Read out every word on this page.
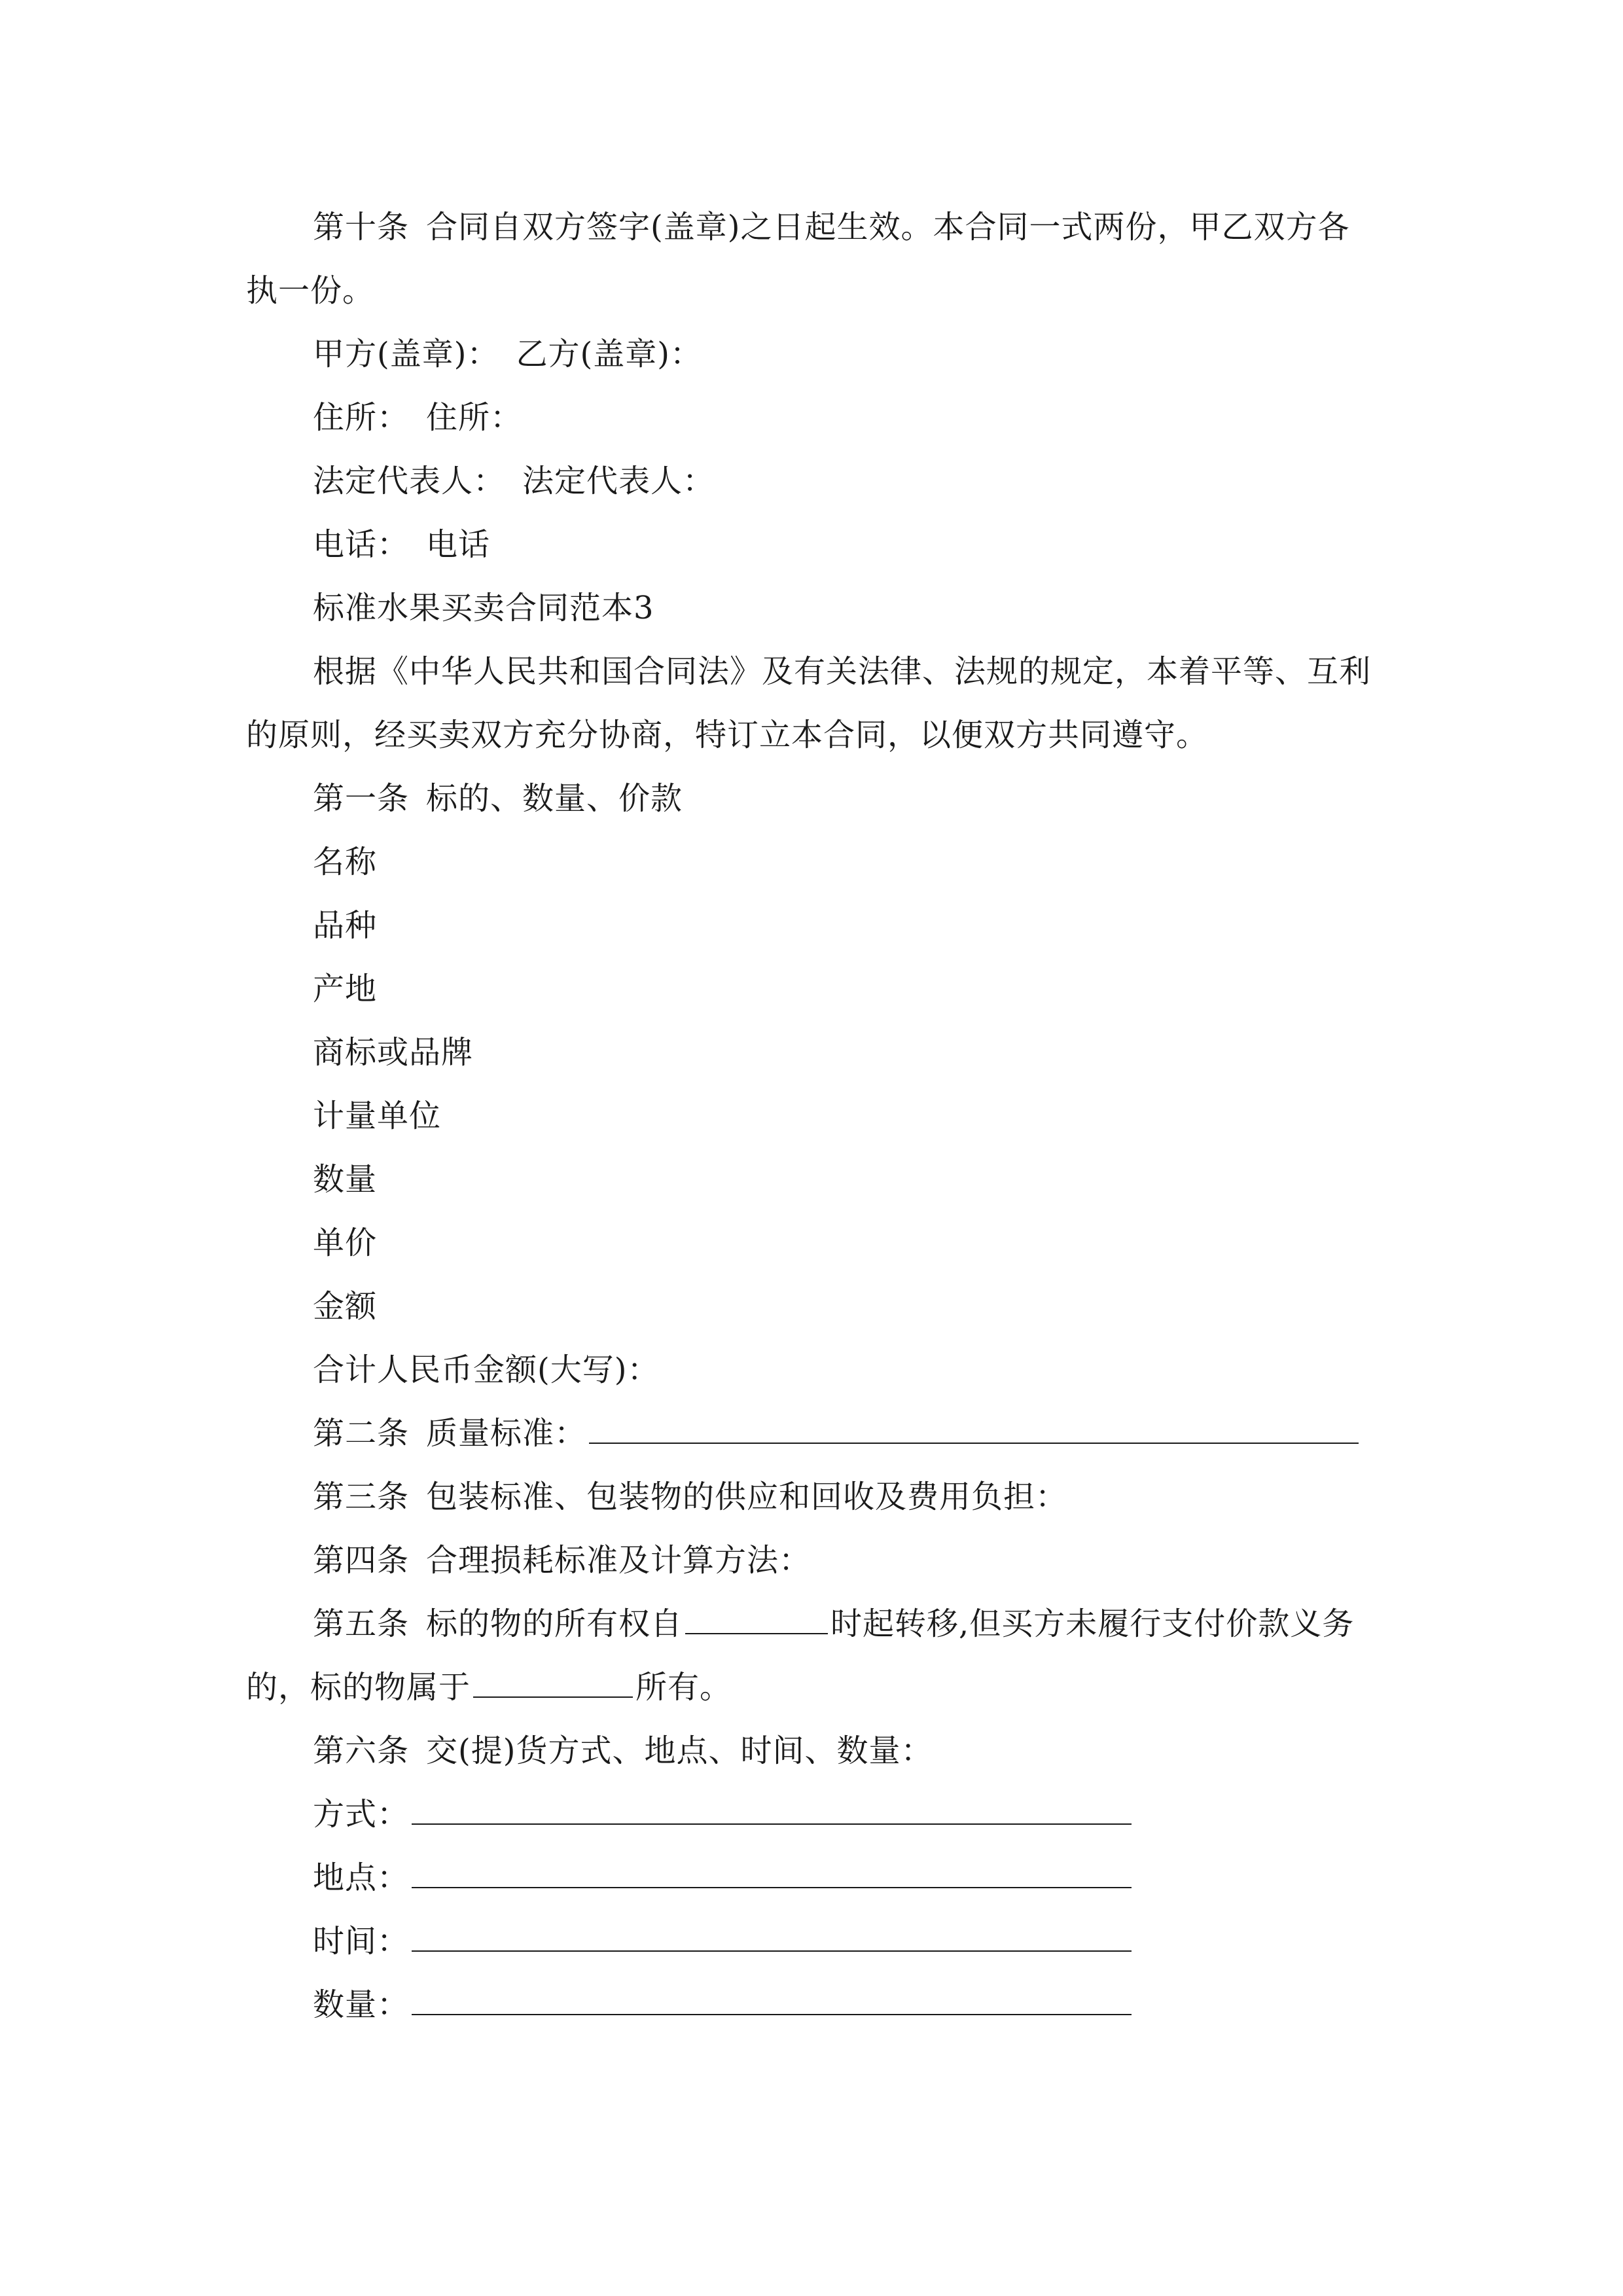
第十条 合同自双方签字(盖章)之日起生效。本合同一式两份，甲乙双方各
执一份。
甲方(盖章)： 乙方(盖章)：
住所： 住所：
法定代表人： 法定代表人：
电话： 电话
标准水果买卖合同范本3
根据《中华人民共和国合同法》及有关法律、法规的规定，本着平等、互利
的原则，经买卖双方充分协商，特订立本合同，以便双方共同遵守。
第一条 标的、数量、价款
名称
品种
产地
商标或品牌
计量单位
数量
单价
金额
合计人民币金额(大写)：
第二条 质量标准：
第三条 包装标准、包装物的供应和回收及费用负担：
第四条 合理损耗标准及计算方法：
第五条 标的物的所有权自	时起转移,但买方未履行支付价款义务
的，标的物属于	所有。
第六条 交(提)货方式、地点、时间、数量：
方式：
地点：
时间：
数量：
